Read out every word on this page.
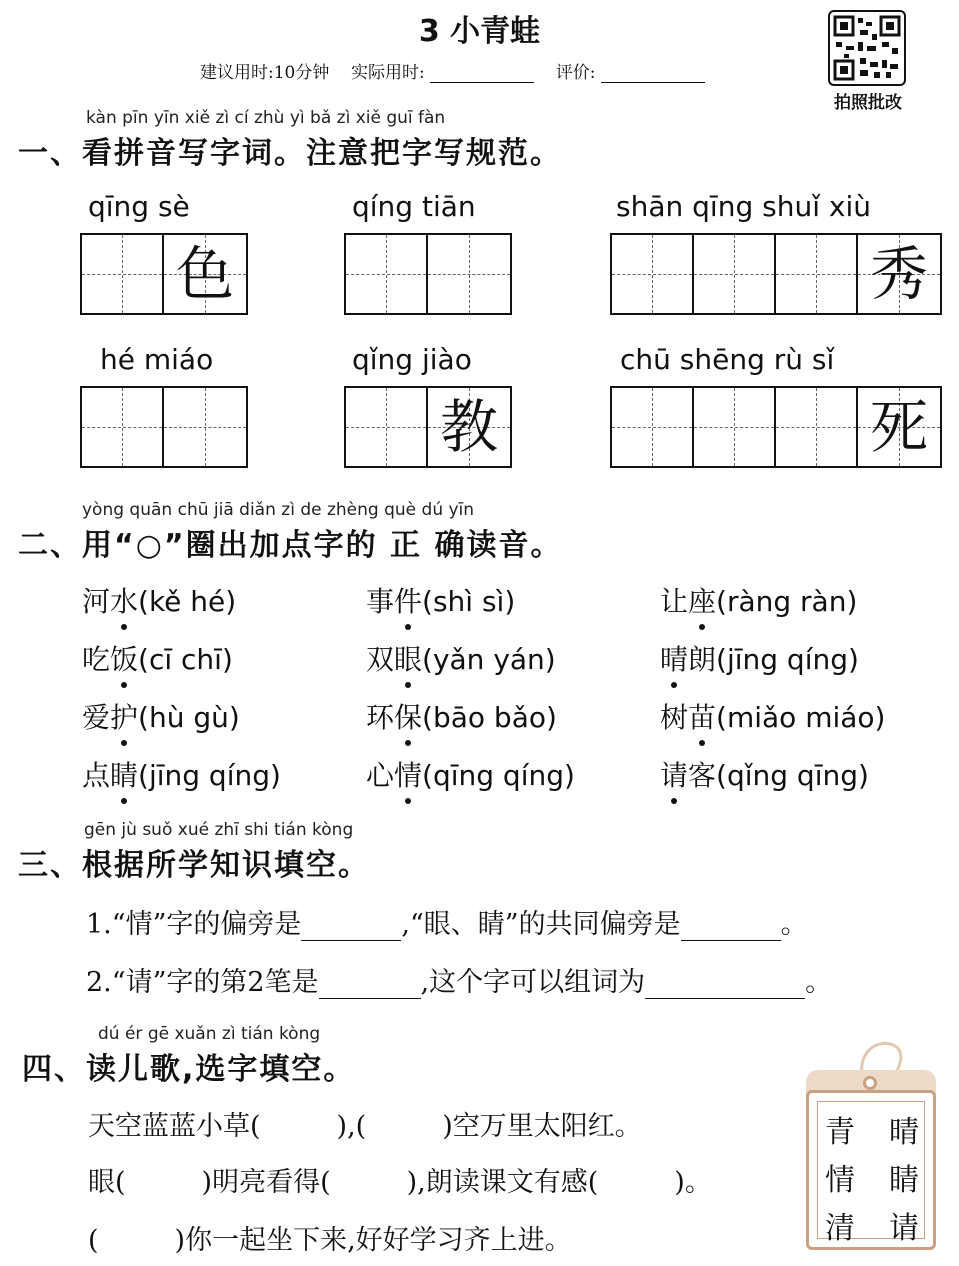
3 小青蛙
建议用时:10分钟 实际用时:	评价:
拍照批改
kàn pīn yīn xiě zì cí zhù yì bǎ zì xiě guī fàn
一、看拼音写字词。注意把字写规范。
qīng sè
色
qíng tiān	shān qīng shuǐ xiù
秀
hé miáo	qǐng jiào
教
chū shēng rù sǐ
死
yòng quān chū jiā diǎn zì de zhèng què dú yīn
二、用“○”圈出加点字的 正 确读音。
河水(kě hé)	事件(shì sì)	让座(ràng ràn)
吃饭(cī chī)	双眼(yǎn yán)	晴朗(jīng qíng)
爱护(hù gù)	环保(bāo bǎo)	树苗(miǎo miáo)
点睛(jīng qíng)	心情(qīng qíng)	请客(qǐng qīng)
gēn jù suǒ xué zhī shi tián kòng
三、根据所学知识填空。
1.“情”字的偏旁是	,“眼、睛”的共同偏旁是	。
2.“请”字的第2笔是	,这个字可以组词为	。
dú ér gē xuǎn zì tián kòng
四、读儿歌,选字填空。
天空蓝蓝小草(	),(	)空万里太阳红。
眼(	)明亮看得(	),朗读课文有感(	)。
(	)你一起坐下来,好好学习齐上进。
青 晴
情 睛
清 请
